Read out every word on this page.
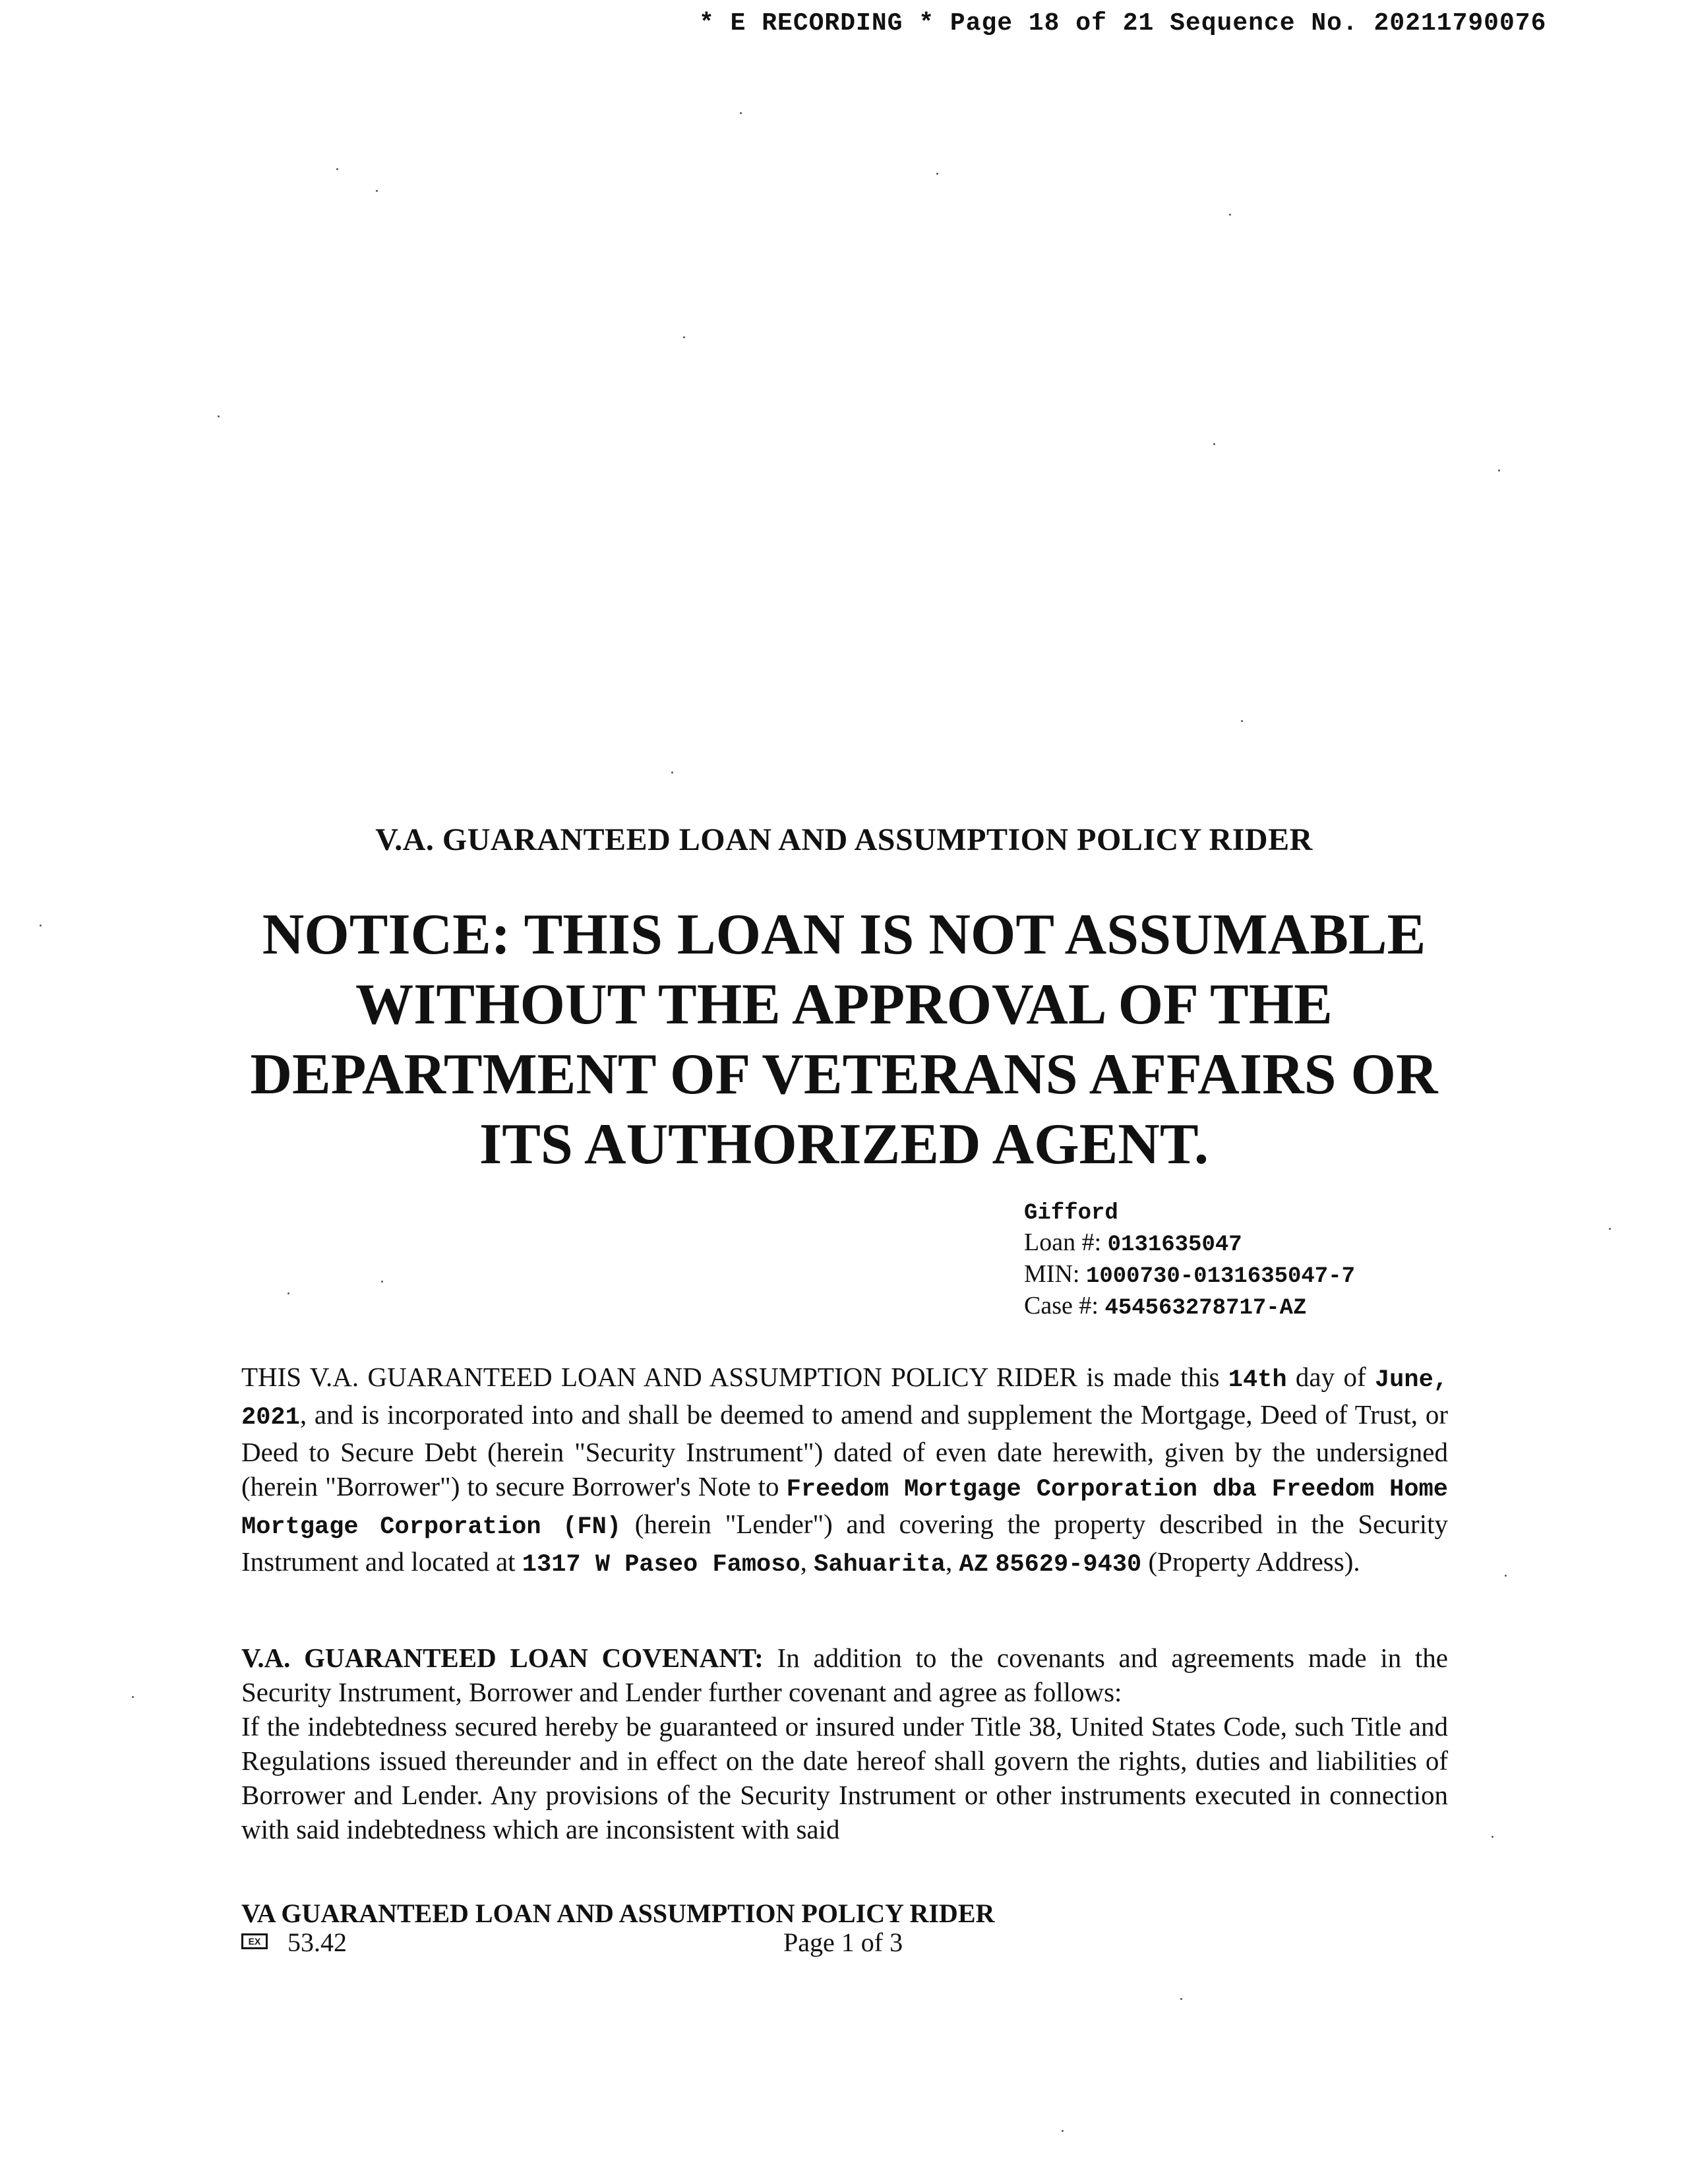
* E RECORDING * Page 18 of 21 Sequence No. 20211790076
V.A. GUARANTEED LOAN AND ASSUMPTION POLICY RIDER
NOTICE: THIS LOAN IS NOT ASSUMABLE
WITHOUT THE APPROVAL OF THE
DEPARTMENT OF VETERANS AFFAIRS OR
ITS AUTHORIZED AGENT.
Gifford
Loan #: 0131635047
MIN: 1000730-0131635047-7
Case #: 454563278717-AZ
THIS V.A. GUARANTEED LOAN AND ASSUMPTION POLICY RIDER is made this 14th day of June, 2021, and is incorporated into and shall be deemed to amend and supplement the Mortgage, Deed of Trust, or Deed to Secure Debt (herein "Security Instrument") dated of even date herewith, given by the undersigned (herein "Borrower") to secure Borrower's Note to Freedom Mortgage Corporation dba Freedom Home Mortgage Corporation (FN) (herein "Lender") and covering the property described in the Security Instrument and located at 1317 W Paseo Famoso, Sahuarita, AZ 85629-9430 (Property Address).

V.A. GUARANTEED LOAN COVENANT: In addition to the covenants and agreements made in the Security Instrument, Borrower and Lender further covenant and agree as follows:

If the indebtedness secured hereby be guaranteed or insured under Title 38, United States Code, such Title and Regulations issued thereunder and in effect on the date hereof shall govern the rights, duties and liabilities of Borrower and Lender. Any provisions of the Security Instrument or other instruments executed in connection with said indebtedness which are inconsistent with said

VA GUARANTEED LOAN AND ASSUMPTION POLICY RIDER
EX 53.42	Page 1 of 3
